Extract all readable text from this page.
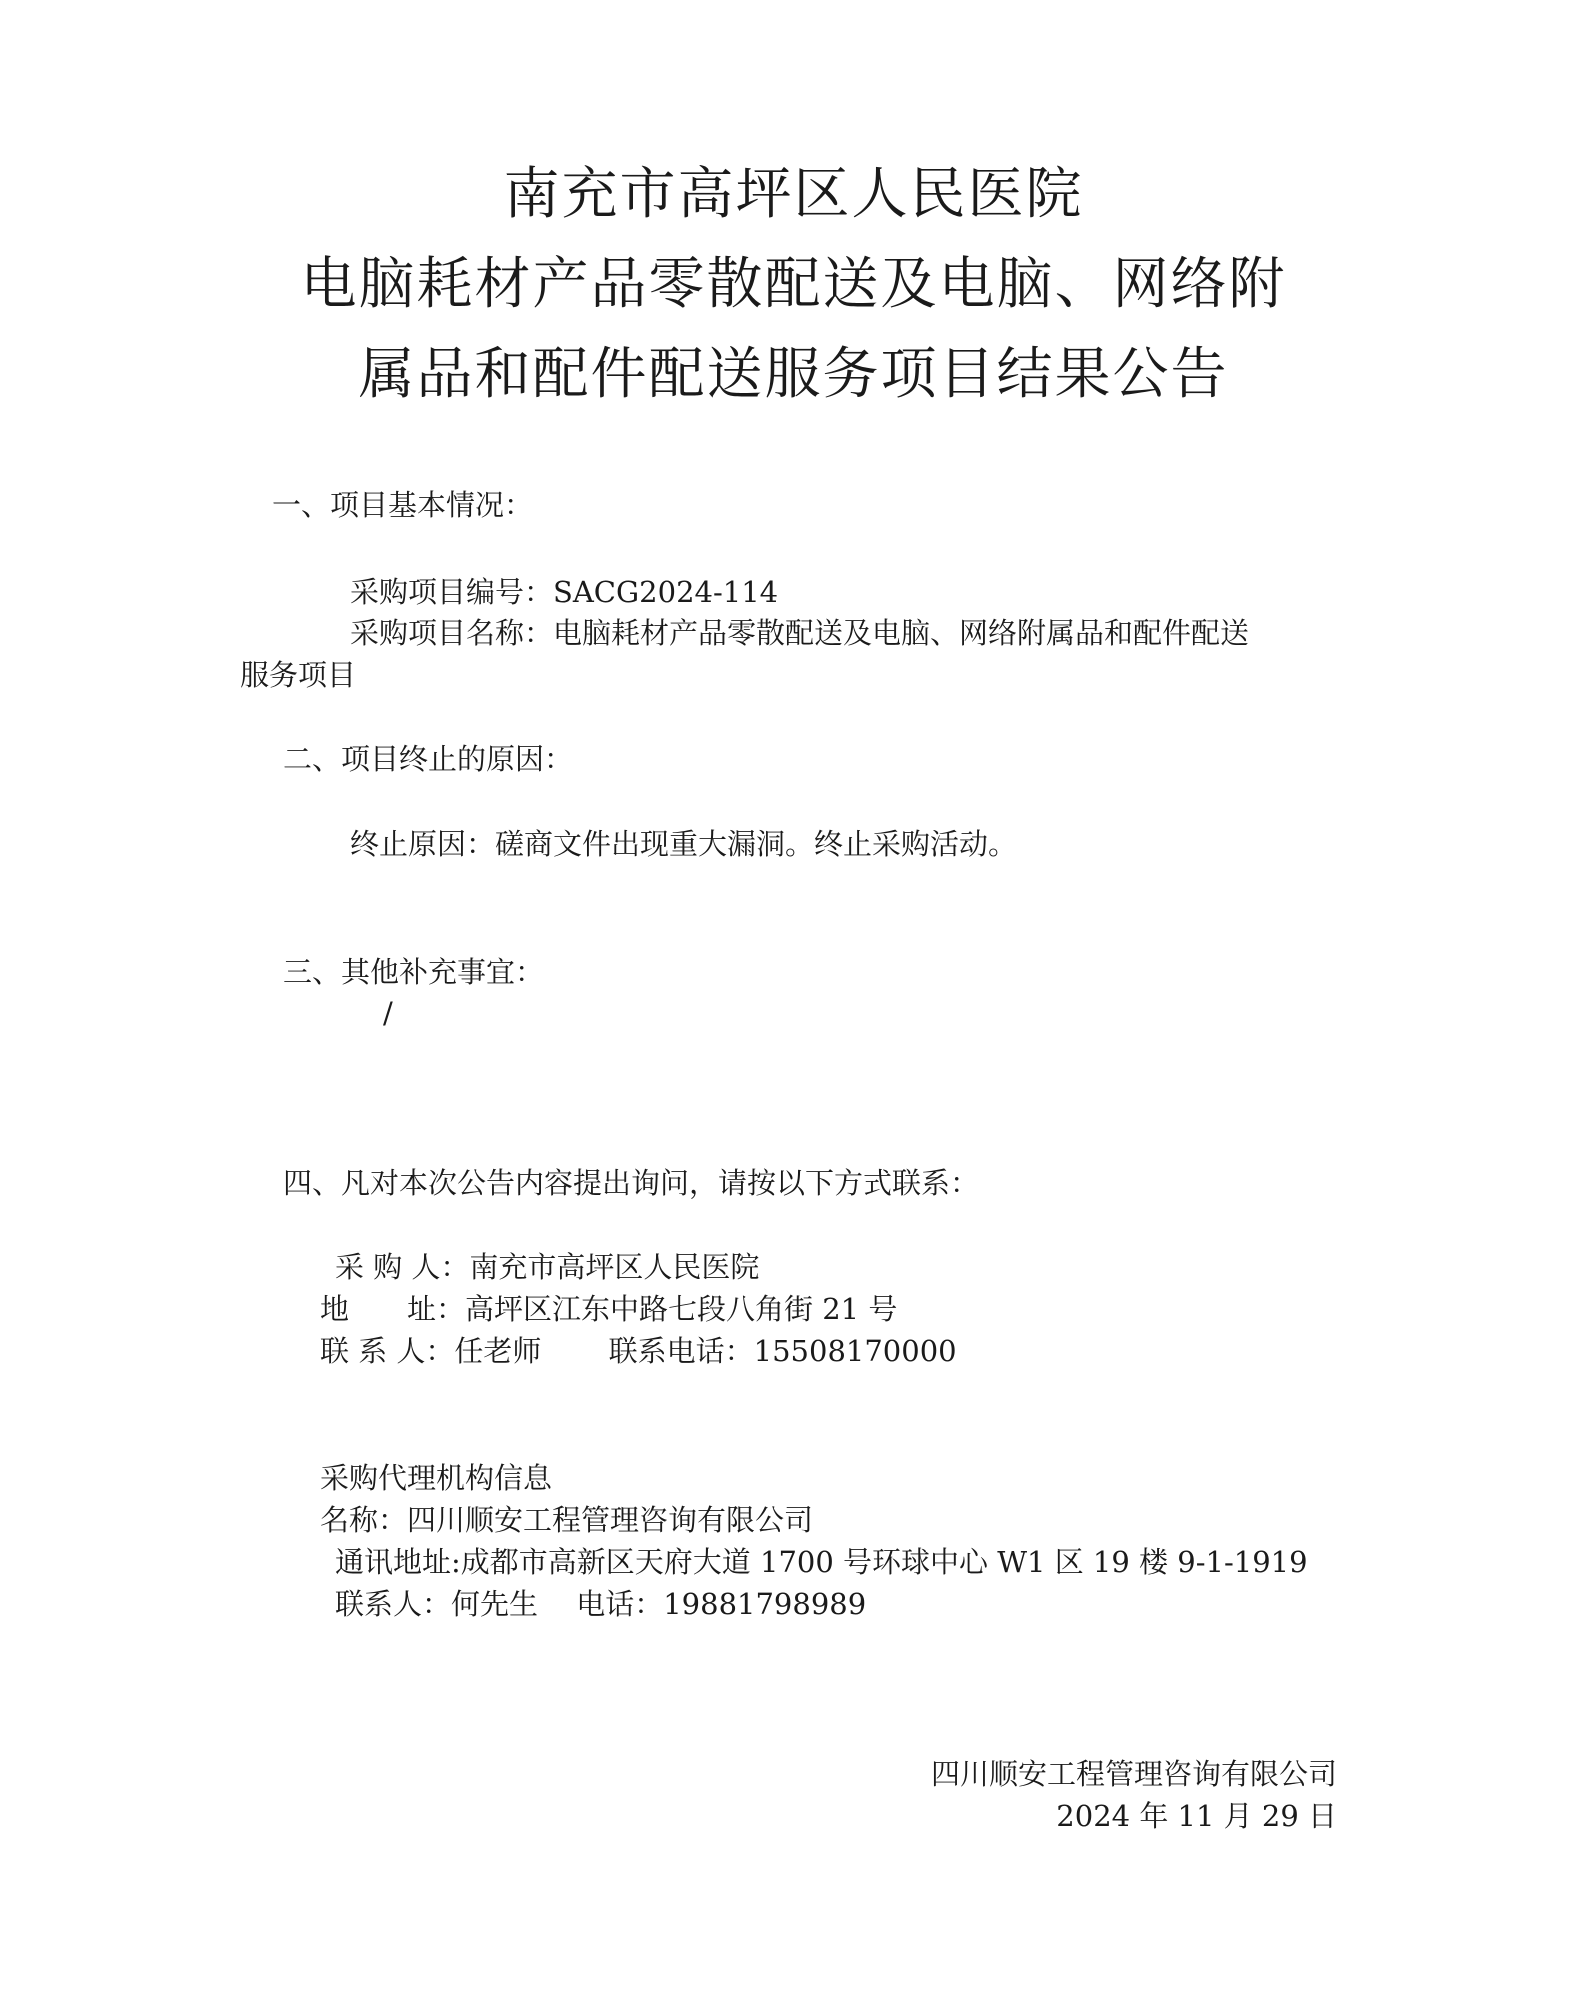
南充市高坪区人民医院
电脑耗材产品零散配送及电脑、网络附
属品和配件配送服务项目结果公告
一、项目基本情况：
采购项目编号：SACG2024-114
采购项目名称：电脑耗材产品零散配送及电脑、网络附属品和配件配送
服务项目
二、项目终止的原因：
终止原因：磋商文件出现重大漏洞。终止采购活动。
三、其他补充事宜：
/
四、凡对本次公告内容提出询问，请按以下方式联系：
采 购 人：南充市高坪区人民医院
地　　址：高坪区江东中路七段八角街 21 号
联 系 人：任老师　　 联系电话：15508170000
采购代理机构信息
名称：四川顺安工程管理咨询有限公司
通讯地址:成都市高新区天府大道 1700 号环球中心 W1 区 19 楼 9-1-1919
联系人：何先生　 电话：19881798989
四川顺安工程管理咨询有限公司
2024 年 11 月 29 日
